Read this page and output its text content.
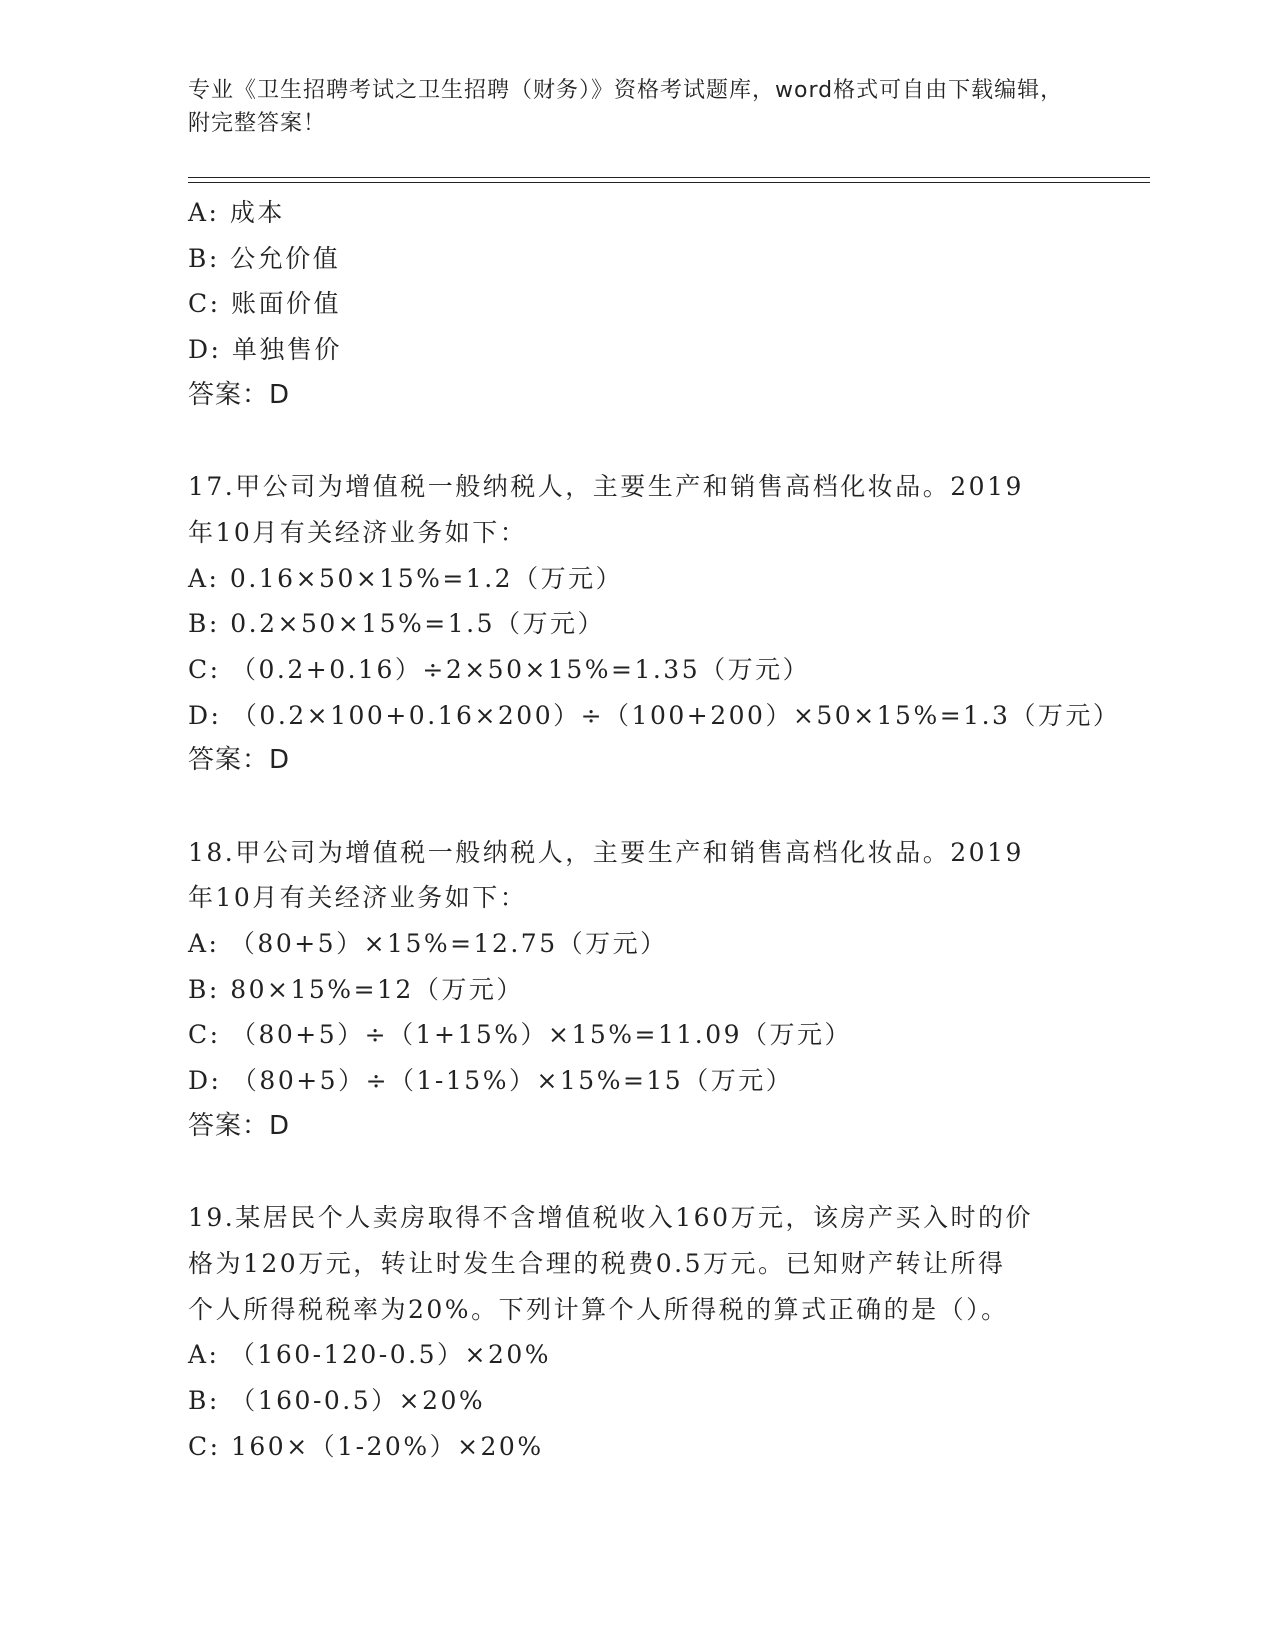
专业《卫生招聘考试之卫生招聘（财务）》资格考试题库，word格式可自由下载编辑，附完整答案！
A: 成本
B: 公允价值
C: 账面价值
D: 单独售价
答案：D
17.甲公司为增值税一般纳税人，主要生产和销售高档化妆品。2019
年10月有关经济业务如下：
A: 0.16×50×15%=1.2（万元）
B: 0.2×50×15%=1.5（万元）
C: （0.2+0.16）÷2×50×15%=1.35（万元）
D: （0.2×100+0.16×200）÷（100+200）×50×15%=1.3（万元）
答案：D
18.甲公司为增值税一般纳税人，主要生产和销售高档化妆品。2019
年10月有关经济业务如下：
A: （80+5）×15%=12.75（万元）
B: 80×15%=12（万元）
C: （80+5）÷（1+15%）×15%=11.09（万元）
D: （80+5）÷（1-15%）×15%=15（万元）
答案：D
19.某居民个人卖房取得不含增值税收入160万元，该房产买入时的价
格为120万元，转让时发生合理的税费0.5万元。已知财产转让所得
个人所得税税率为20%。下列计算个人所得税的算式正确的是（）。
A: （160-120-0.5）×20%
B: （160-0.5）×20%
C: 160×（1-20%）×20%
